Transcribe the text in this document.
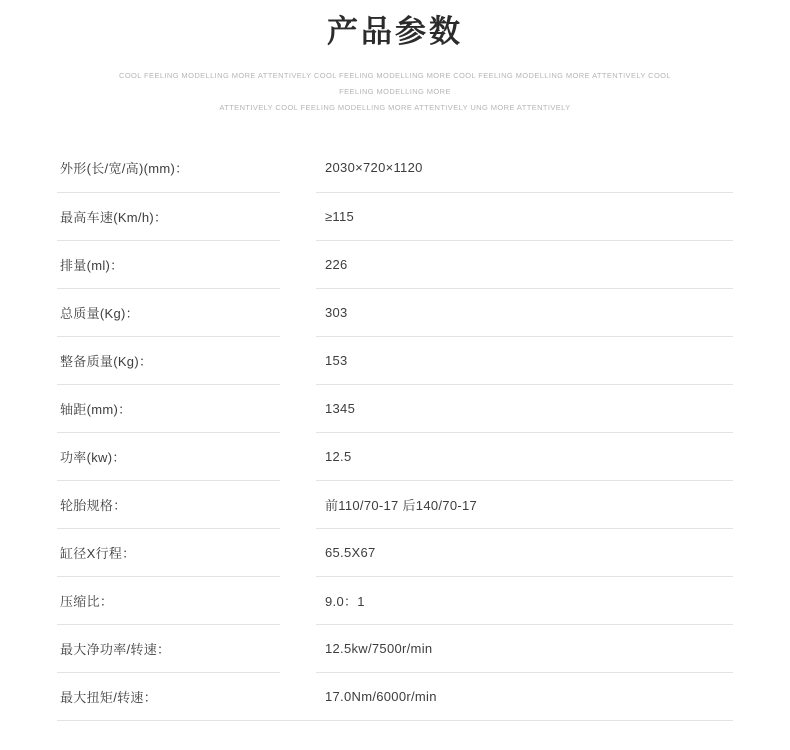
产品参数
COOL FEELING MODELLING MORE ATTENTIVELY COOL FEELING MODELLING MORE COOL FEELING MODELLING MORE ATTENTIVELY COOL FEELING MODELLING MORE
ATTENTIVELY COOL FEELING MODELLING MORE ATTENTIVELY UNG MORE ATTENTIVELY
外形(长/宽/高)(mm)：		2030×720×1120
最高车速(Km/h)：		≥115
排量(ml)：		226
总质量(Kg)：		303
整备质量(Kg)：		153
轴距(mm)：		1345
功率(kw)：		12.5
轮胎规格：		前110/70-17 后140/70-17
缸径X行程：		65.5X67
压缩比：		9.0：1
最大净功率/转速：		12.5kw/7500r/min
最大扭矩/转速：		17.0Nm/6000r/min
